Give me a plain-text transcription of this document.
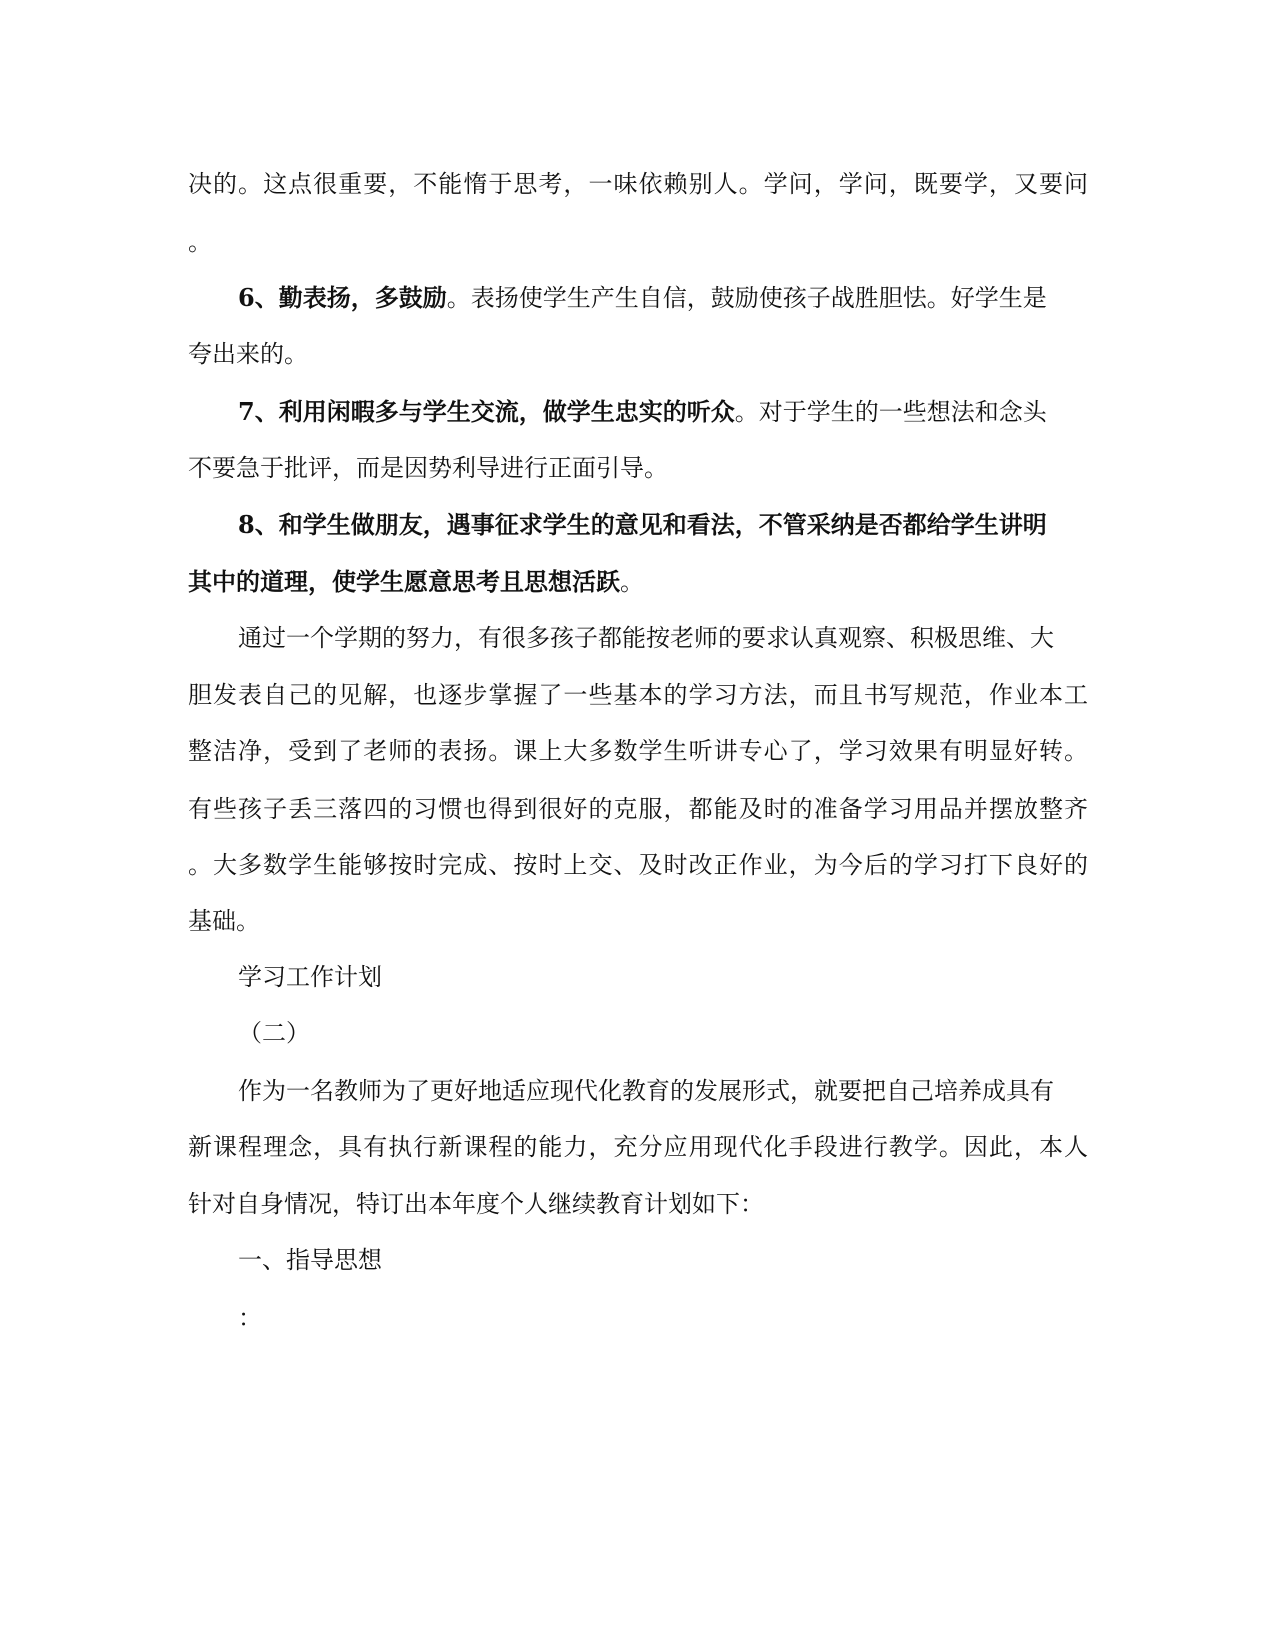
决的。这点很重要，不能惰于思考，一味依赖别人。学问，学问，既要学，又要问
。
6、勤表扬，多鼓励。表扬使学生产生自信，鼓励使孩子战胜胆怯。好学生是
夸出来的。
7、利用闲暇多与学生交流，做学生忠实的听众。对于学生的一些想法和念头
不要急于批评，而是因势利导进行正面引导。
8、和学生做朋友，遇事征求学生的意见和看法，不管采纳是否都给学生讲明
其中的道理，使学生愿意思考且思想活跃。
通过一个学期的努力，有很多孩子都能按老师的要求认真观察、积极思维、大
胆发表自己的见解，也逐步掌握了一些基本的学习方法，而且书写规范，作业本工
整洁净，受到了老师的表扬。课上大多数学生听讲专心了，学习效果有明显好转。
有些孩子丢三落四的习惯也得到很好的克服，都能及时的准备学习用品并摆放整齐
。大多数学生能够按时完成、按时上交、及时改正作业，为今后的学习打下良好的
基础。
学习工作计划
（二）
作为一名教师为了更好地适应现代化教育的发展形式，就要把自己培养成具有
新课程理念，具有执行新课程的能力，充分应用现代化手段进行教学。因此，本人
针对自身情况，特订出本年度个人继续教育计划如下：
一、指导思想
：
